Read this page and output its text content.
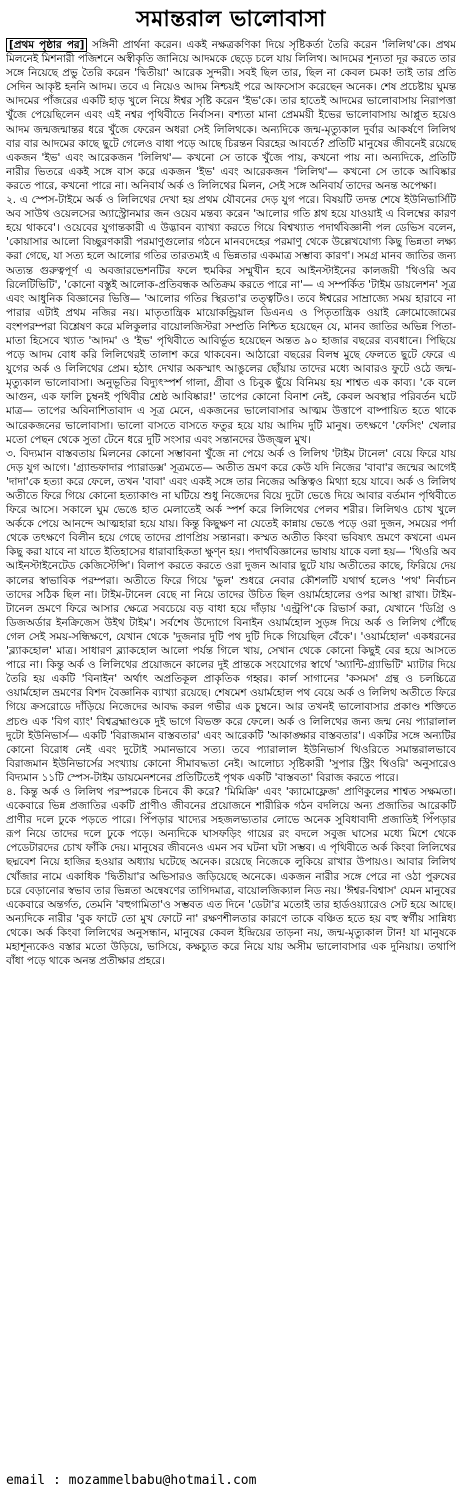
সমান্তরাল ভালোবাসা

[প্রথম পৃষ্ঠার পর] সঙ্গিনী প্রার্থনা করেন। একই নক্ষত্রকণিকা দিয়ে সৃষ্টিকর্তা তৈরি করেন 'লিলিথ'কে। প্রথম মিলনেই মিশনারী পজিশনে অস্বীকৃতি জানিয়ে আদমকে ছেড়ে চলে যায় লিলিথ। আদমের শূন্যতা দূর করতে তার সঙ্গে নিয়েছে প্রভু তৈরি করেন 'দ্বিতীয়া' আরেক সুন্দরী। সবই ছিল তার, ছিল না কেবল চমক! তাই তার প্রতি সেদিন আকৃষ্ট হননি আদম। তবে এ নিয়েও আদম নিশ্চয়ই পরে আফসোস করেছেন অনেক। শেষ প্রচেষ্টায় ঘুমন্ত আদমের পাঁজরের একটি হাড় খুলে নিয়ে ঈশ্বর সৃষ্টি করেন 'ইভ'কে। তার হাতেই আদমের ভালোবাসায় নিরাপত্তা খুঁজে পেয়েছিলেন এবং এই নশ্বর পৃথিবীতে নির্বাসন। বশ্যতা মানা প্রেমময়ী ইভের ভালোবাসায় আপ্লুত হয়েও আদম জন্মজন্মান্তর ধরে খুঁজে ফেরেন অধরা সেই লিলিথকে। অন্যদিকে জন্ম-মৃত্যুকাল দুর্বার আকর্ষণে লিলিথ বার বার আদমের কাছে ছুটে গেলেও বাধা পড়ে আছে চিরন্তন বিরহের আবর্তে? প্রতিটি মানুষের জীবনেই রয়েছে একজন 'ইভ' এবং আরেকজন 'লিলিথ'— কখনো সে তাকে খুঁজে পায়, কখনো পায় না। অন্যদিকে, প্রতিটি নারীর ভিতরে একই সঙ্গে বাস করে একজন 'ইভ' এবং আরেকজন 'লিলিথ'— কখনো সে তাকে আবিষ্কার করতে পারে, কখনো পারে না। অনিবার্য অর্ক ও লিলিথের মিলন, সেই সঙ্গে অনিবার্য তাদের অনন্ত অপেক্ষা।

২. এ স্পেস-টাইমে অর্ক ও লিলিথের দেখা হয় প্রথম যৌবনের দেড় যুগ পরে। বিষয়টি তদন্ত শেষে ইউনিভার্সিটি অব সাউথ ওয়েলসের অ্যাস্ট্রোনমার জন ওয়েব মন্তব্য করেন 'আলোর গতি শ্লথ হয়ে যাওয়াই এ বিলম্বের কারণ হয়ে থাকবে'। ওয়েবের যুগান্তকারী এ উদ্ভাবন ব্যাখ্যা করতে গিয়ে বিশ্বখ্যাত পদার্থবিজ্ঞানী পল ডেভিস বলেন, 'কোয়াসার আলো বিচ্ছুরণকারী পরমাণুগুলোর গঠনে মানবদেহের পরমাণু থেকে উল্লেখযোগ্য কিছু ভিন্নতা লক্ষ্য করা গেছে, যা সত্য হলে আলোর গতির তারতম্যই এ ভিন্নতার একমাত্র সম্ভাব্য কারণ'। সমগ্র মানব জাতির জন্য অত্যন্ত গুরুত্বপূর্ণ এ অবজারভেশনটির ফলে হুমকির সম্মুখীন হবে আইনস্টাইনের কালজয়ী 'থিওরি অব রিলেটিভিটি', 'কোনো বস্তুই আলোক-প্রতিবন্ধক অতিক্রম করতে পারে না'— এ সম্পর্কিত 'টাইম ডায়লেশন' সূত্র এবং আধুনিক বিজ্ঞানের ভিত্তি— 'আলোর গতির স্থিরতা'র তত্ত্বটিও। তবে ঈশ্বরের সাম্রাজ্যে সময় হারাবে না পারার এটাই প্রথম নজির নয়। মাতৃতান্ত্রিক মায়োকন্ড্রিয়াল ডিএনএ ও পিতৃতান্ত্রিক ওয়াই ক্রোমোজোমের বংশপরম্পরা বিশ্লেষণ করে মলিকুলার বায়োলজিস্টরা সম্প্রতি নিশ্চিত হয়েছেন যে, মানব জাতির অভিন্ন পিতা-মাতা হিসেবে খ্যাত 'আদম' ও 'ইভ' পৃথিবীতে আবির্ভূত হয়েছেন অন্তত ৯০ হাজার বছরের ব্যবধানে। পিছিয়ে পড়ে আদম বোধ করি লিলিথেরই তালাশ করে থাকবেন। আঠারো বছরের বিলম্ব মুছে ফেলতে ছুটে ফেরে এ যুগের অর্ক ও লিলিথের প্রেম। হঠাৎ দেখার অকস্মাৎ আঙুলের ছোঁয়ায় তাদের মধ্যে আবারও ফুটে ওঠে জন্ম-মৃত্যুকাল ভালোবাসা। অনুভূতির বিদ্যুৎস্পর্শ গালা, গ্রীবা ও চিবুক ছুঁয়ে বিনিময় হয় শাশ্বত এক কাব্য। 'কে বলে আগুন, এক ফালি চুম্বনই পৃথিবীর শ্রেষ্ঠ আবিষ্কার!' তাপের কোনো বিনাশ নেই, কেবল অবস্থার পরিবর্তন ঘটে মাত্র— তাপের অবিনাশিতাবাদ এ সূত্র মেনে, একজনের ভালোবাসার আত্মম উত্তাপে বাষ্পায়িত হতে থাকে আরেকজনের ভালোবাসা। ভালো বাসতে বাসতে ফতুর হয়ে যায় আদিম দুটি মানুষ। তৎক্ষণে 'ফেসিং' খেলার মতো পেছন থেকে সুতা টেনে ধরে দুটি সংসার এবং সন্তানদের উজ্জ্বল মুখ।

৩. বিদ্যমান বাস্তবতায় মিলনের কোনো সম্ভাবনা খুঁজে না পেয়ে অর্ক ও লিলিথ 'টাইম টানেল' বেয়ে ফিরে যায় দেড় যুগ আগে। 'গ্র্যান্ডফাদার প্যারাডক্স' সূত্রমতে— অতীত ভ্রমণ করে কেউ যদি নিজের 'বাবা'র জন্মের আগেই 'দাদা'কে হত্যা করে ফেলে, তখন 'বাবা' এবং একই সঙ্গে তার নিজের অস্তিত্বও মিথ্যা হয়ে যাবে। অর্ক ও লিলিথ অতীতে ফিরে গিয়ে কোনো হত্যাকাণ্ড না ঘটিয়ে শুধু নিজেদের বিয়ে দুটো ভেঙে দিয়ে আবার বর্তমান পৃথিবীতে ফিরে আসে। সকালে ঘুম ভেঙে হাত মেলাতেই অর্ক স্পর্শ করে লিলিথের পেলব শরীর। লিলিথও চোখ খুলে অর্ককে পেয়ে আনন্দে আত্মহারা হয়ে যায়। কিন্তু কিছুক্ষণ না যেতেই কান্নায় ভেঙে পড়ে ওরা দুজন, সময়ের পর্দা থেকে তৎক্ষণে বিলীন হয়ে গেছে তাদের প্রাণপ্রিয় সন্তানরা। কস্মত অতীত কিংবা ভবিষ্যৎ ভ্রমণে কখনো এমন কিছু করা যাবে না যাতে ইতিহাসের ধারাবাহিকতা ক্ষুণ্ন হয়। পদার্থবিজ্ঞানের ভাষায় যাকে বলা হয়— 'থিওরি অব আইনস্টাইনেটেড কেজিস্টেন্সি'। বিলাপ করতে করতে ওরা দুজন আবার ছুটে যায় অতীতের কাছে, ফিরিয়ে দেয় কালের স্বাভাবিক পরম্পরা। অতীতে ফিরে গিয়ে 'ভুল' শুধরে নেবার কৌশলটি যথার্থ হলেও 'পথ' নির্বাচন তাদের সঠিক ছিল না। টাইম-টানেল বেছে না নিয়ে তাদের উচিত ছিল ওয়ার্মহোলের ওপর আস্থা রাখা। টাইম-টানেল ভ্রমণে ফিরে আসার ক্ষেত্রে সবচেয়ে বড় বাধা হয়ে দাঁড়ায় 'এন্ট্রপি'কে রিভার্স করা, যেখানে 'ডিগ্রি ও ডিজঅর্ডার ইনক্রিজেস উইথ টাইম'। সর্বশেষ উদ্যোগে বিনাইন ওয়ার্মহোল সুড়ঙ্গ দিয়ে অর্ক ও লিলিথ পৌঁছে গেল সেই সময়-সন্ধিক্ষণে, যেখান থেকে 'দুজনার দুটি পথ দুটি দিকে গিয়েছিল বেঁকে'। 'ওয়ার্মহোল' একধরনের 'ব্ল্যাকহোল' মাত্র। সাধারণ ব্ল্যাকহোল আলো পর্যন্ত গিলে খায়, সেখান থেকে কোনো কিছুই বের হয়ে আসতে পারে না। কিন্তু অর্ক ও লিলিথের প্রয়োজনে কালের দুই প্রান্তকে সংযোগের স্বার্থে 'অ্যান্টি-গ্র্যাভিটি' ম্যাটার দিয়ে তৈরি হয় একটি 'বিনাইন' অর্থাৎ অপ্রতিকূল প্রাকৃতিক গহ্বর। কার্ল সাগানের 'কসমস' গ্রন্থ ও চলচ্চিত্রে ওয়ার্মহোল ভ্রমণের বিশদ বৈজ্ঞানিক ব্যাখ্যা রয়েছে। শেষমেশ ওয়ার্মহোল পথ বেয়ে অর্ক ও লিলিথ অতীতে ফিরে গিয়ে ক্রসরোডে দাঁড়িয়ে নিজেদের আবদ্ধ করল গভীর এক চুম্বনে। আর তখনই ভালোবাসার প্রকাণ্ড শক্তিতে প্রচণ্ড এক 'বিগ ব্যাং' বিশ্বব্রহ্মাণ্ডকে দুই ভাগে বিভক্ত করে ফেলে। অর্ক ও লিলিথের জন্য জন্ম নেয় প্যারালাল দুটো ইউনিভার্স— একটি 'বিরাজমান বাস্তবতার' এবং আরেকটি 'আকাঙ্ক্ষার বাস্তবতার'। একটির সঙ্গে অন্যটির কোনো বিরোধ নেই এবং দুটোই সমানভাবে সত্য। তবে প্যারালাল ইউনিভার্স থিওরিতে সমান্তরালভাবে বিরাজমান ইউনিভার্সের সংখ্যায় কোনো সীমাবদ্ধতা নেই। আলোচ্য সৃষ্টিকারী 'সুপার স্ট্রিং থিওরি' অনুসারেও বিদ্যমান ১১টি স্পেস-টাইম ডায়মেনশনের প্রতিটিতেই পৃথক একটি 'বাস্তবতা' বিরাজ করতে পারে।

৪. কিন্তু অর্ক ও লিলিথ পরস্পরকে চিনবে কী করে? 'মিমিক্রি' এবং 'ক্যামোফ্লেজ' প্রাণিকুলের শাশ্বত সক্ষমতা। একেবারে ভিন্ন প্রজাতির একটি প্রাণীও জীবনের প্রয়োজনে শারীরিক গঠন বদলিয়ে অন্য প্রজাতির আরেকটি প্রাণীর দলে ঢুকে পড়তে পারে। পিঁপড়ার খাদ্যের সহজলভ্যতার লোভে অনেক সুবিধাবাদী প্রজাতিই পিঁপড়ার রূপ নিয়ে তাদের দলে ঢুকে পড়ে। অন্যদিকে ঘাসফড়িং গায়ের রং বদলে সবুজ ঘাসের মধ্যে মিশে থেকে পেডেটারদের চোখ ফাঁকি দেয়। মানুষের জীবনেও এমন সব ঘটনা ঘটা সম্ভব। এ পৃথিবীতে অর্ক কিংবা লিলিথের ছদ্মবেশ নিয়ে হাজির হওয়ার অধ্যায় ঘটেছে অনেক। রয়েছে নিজেকে লুকিয়ে রাখার উপায়ও। আবার লিলিথ খোঁজার নামে একাধিক 'দ্বিতীয়া'র অভিসারও জড়িয়েছে অনেকে। একজন নারীর সঙ্গে পেরে না ওঠা পুরুষের চরে বেড়ানোর স্বভাব তার ভিন্নতা অন্বেষণের তাগিদমাত্র, বায়োলজিক্যাল নিড নয়। 'ঈশ্বর-বিশ্বাস' যেমন মানুষের একেবারে অন্তর্গত, তেমনি 'বহুগামিতা'ও সম্ভবত এত দিনে 'ডেটা'র মতোই তার হার্ডওয়্যারেও সেট হয়ে আছে। অন্যদিকে নারীর 'বুক ফাটে তো মুখ ফোটে না' রক্ষণশীলতার কারণে তাকে বঞ্চিত হতে হয় বহু স্বর্গীয় সান্নিধ্য থেকে। অর্ক কিংবা লিলিথের অনুসন্ধান, মানুষের কেবল ইন্দ্রিয়ের তাড়না নয়, জন্ম-মৃত্যুকাল টান! যা মানুষকে মহাশূন্যকেও বস্তার মতো উড়িয়ে, ভাসিয়ে, কক্ষচ্যুত করে নিয়ে যায় অসীম ভালোবাসার এক দুনিয়ায়। তথাপি বাঁধা পড়ে থাকে অনন্ত প্রতীক্ষার প্রহরে।

email : mozammelbabu@hotmail.com
